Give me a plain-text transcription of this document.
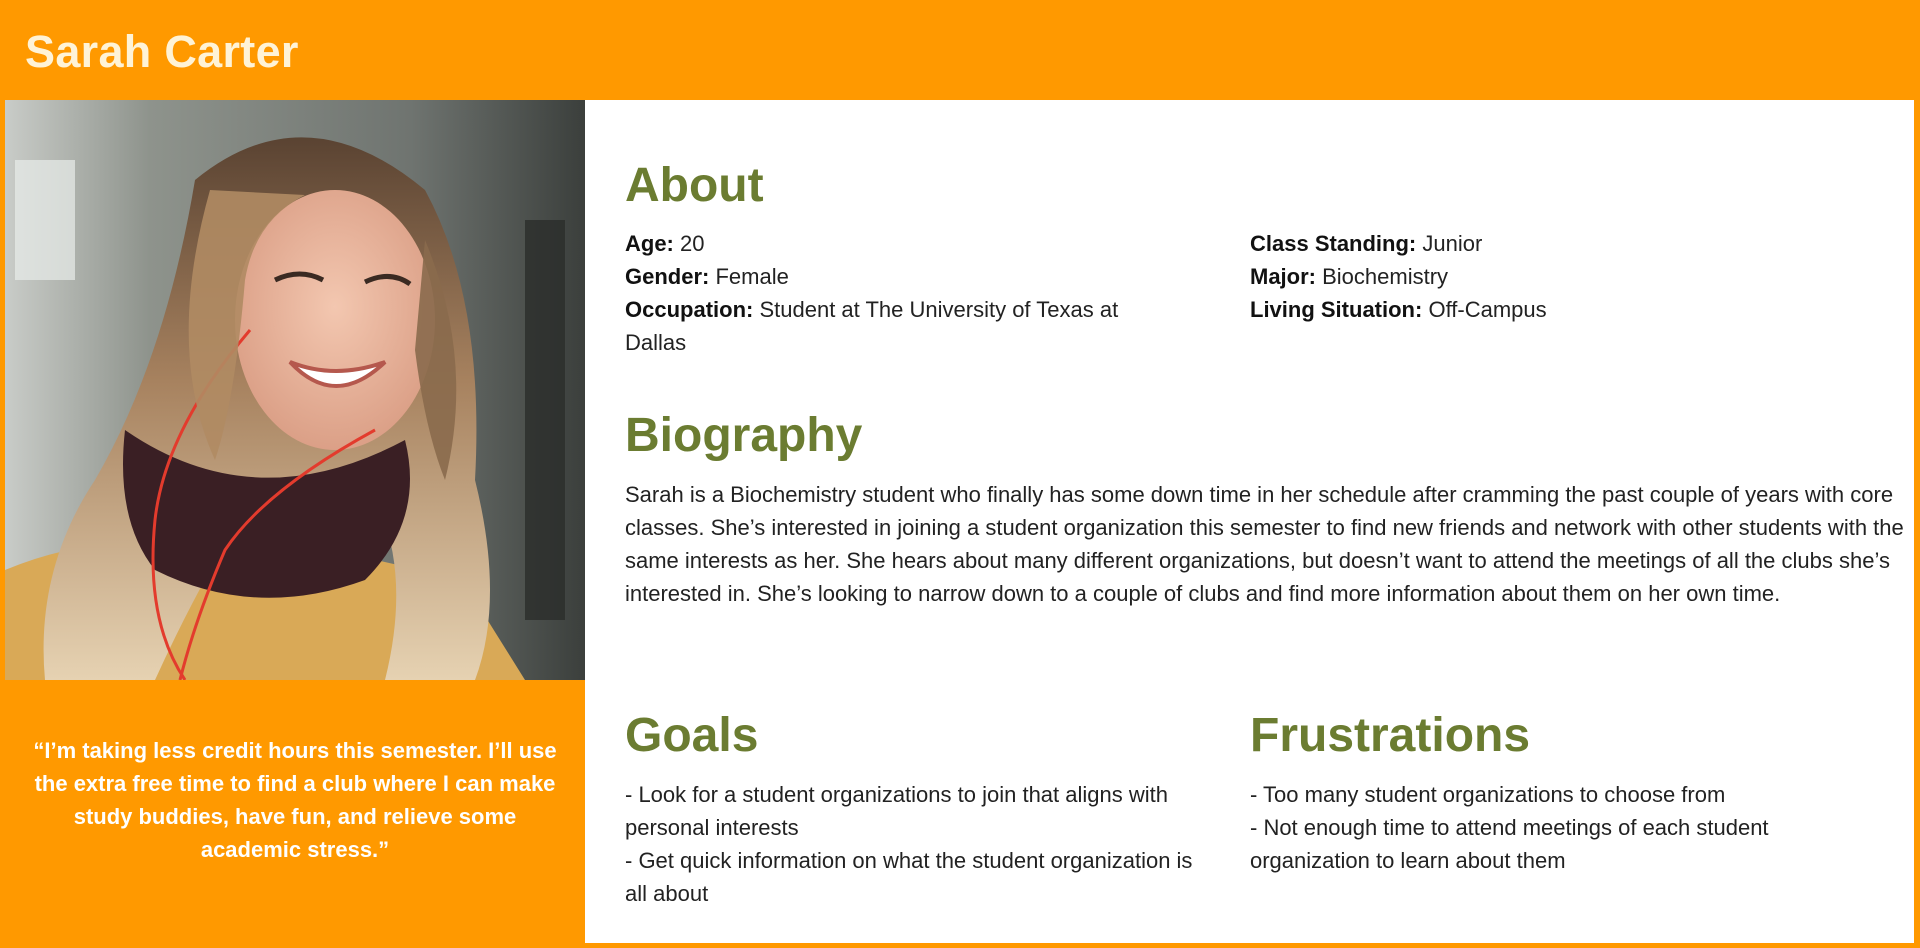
Sarah Carter

“I’m taking less credit hours this semester. I’ll use the extra free time to find a club where I can make study buddies, have fun, and relieve some academic stress.”

About
Age: 20
Gender: Female
Occupation: Student at The University of Texas at Dallas
Class Standing: Junior
Major: Biochemistry
Living Situation: Off-Campus
Biography

Sarah is a Biochemistry student who finally has some down time in her schedule after cramming the past couple of years with core classes. She’s interested in joining a student organization this semester to find new friends and network with other students with the same interests as her. She hears about many different organizations, but doesn’t want to attend the meetings of all the clubs she’s interested in. She’s looking to narrow down to a couple of clubs and find more information about them on her own time.

Goals
- Look for a student organizations to join that aligns with personal interests
- Get quick information on what the student organization is all about
Frustrations
- Too many student organizations to choose from
- Not enough time to attend meetings of each student organization to learn about them
